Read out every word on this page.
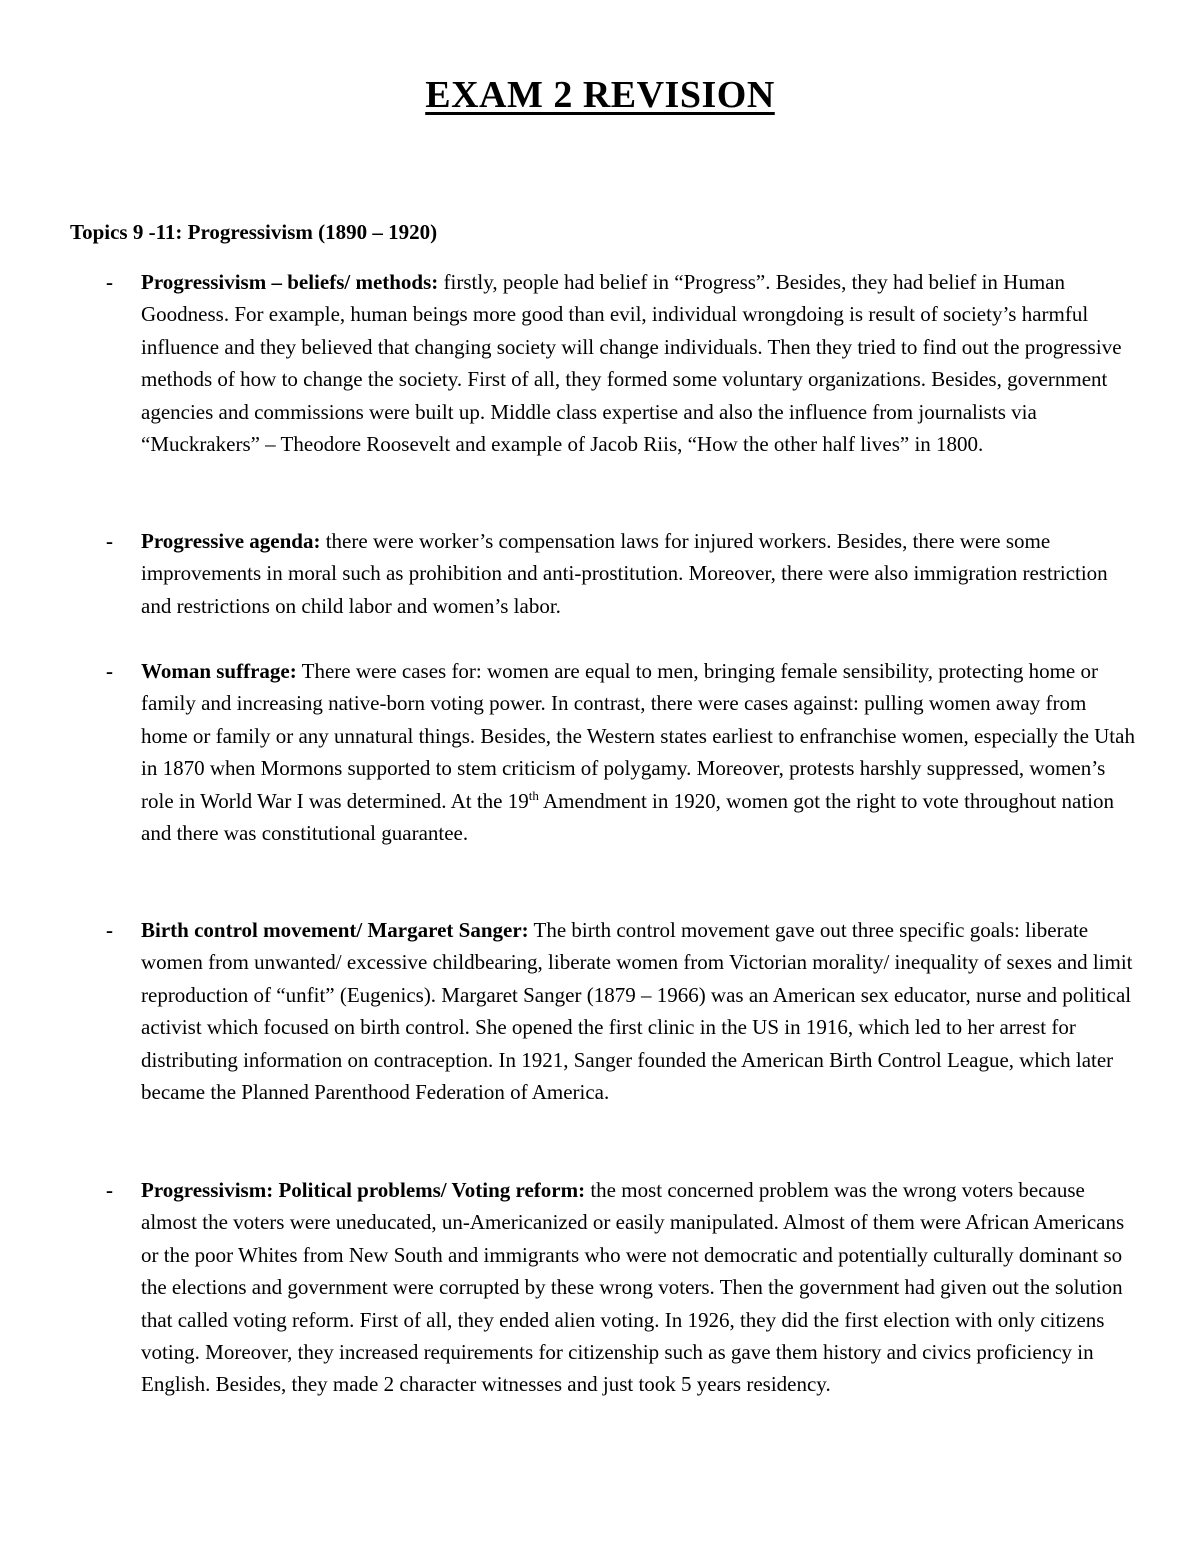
EXAM 2 REVISION
Topics 9 -11: Progressivism (1890 – 1920)
- Progressivism – beliefs/ methods: firstly, people had belief in “Progress”. Besides, they had belief in Human Goodness. For example, human beings more good than evil, individual wrongdoing is result of society’s harmful influence and they believed that changing society will change individuals. Then they tried to find out the progressive methods of how to change the society. First of all, they formed some voluntary organizations. Besides, government agencies and commissions were built up. Middle class expertise and also the influence from journalists via “Muckrakers” – Theodore Roosevelt and example of Jacob Riis, “How the other half lives” in 1800.

- Progressive agenda: there were worker’s compensation laws for injured workers. Besides, there were some improvements in moral such as prohibition and anti-prostitution. Moreover, there were also immigration restriction and restrictions on child labor and women’s labor.

- Woman suffrage: There were cases for: women are equal to men, bringing female sensibility, protecting home or family and increasing native-born voting power. In contrast, there were cases against: pulling women away from home or family or any unnatural things. Besides, the Western states earliest to enfranchise women, especially the Utah in 1870 when Mormons supported to stem criticism of polygamy. Moreover, protests harshly suppressed, women’s role in World War I was determined. At the 19th Amendment in 1920, women got the right to vote throughout nation and there was constitutional guarantee.

- Birth control movement/ Margaret Sanger: The birth control movement gave out three specific goals: liberate women from unwanted/ excessive childbearing, liberate women from Victorian morality/ inequality of sexes and limit reproduction of “unfit” (Eugenics). Margaret Sanger (1879 – 1966) was an American sex educator, nurse and political activist which focused on birth control. She opened the first clinic in the US in 1916, which led to her arrest for distributing information on contraception. In 1921, Sanger founded the American Birth Control League, which later became the Planned Parenthood Federation of America.

- Progressivism: Political problems/ Voting reform: the most concerned problem was the wrong voters because almost the voters were uneducated, un-Americanized or easily manipulated. Almost of them were African Americans or the poor Whites from New South and immigrants who were not democratic and potentially culturally dominant so the elections and government were corrupted by these wrong voters. Then the government had given out the solution that called voting reform. First of all, they ended alien voting. In 1926, they did the first election with only citizens voting. Moreover, they increased requirements for citizenship such as gave them history and civics proficiency in English. Besides, they made 2 character witnesses and just took 5 years residency.
